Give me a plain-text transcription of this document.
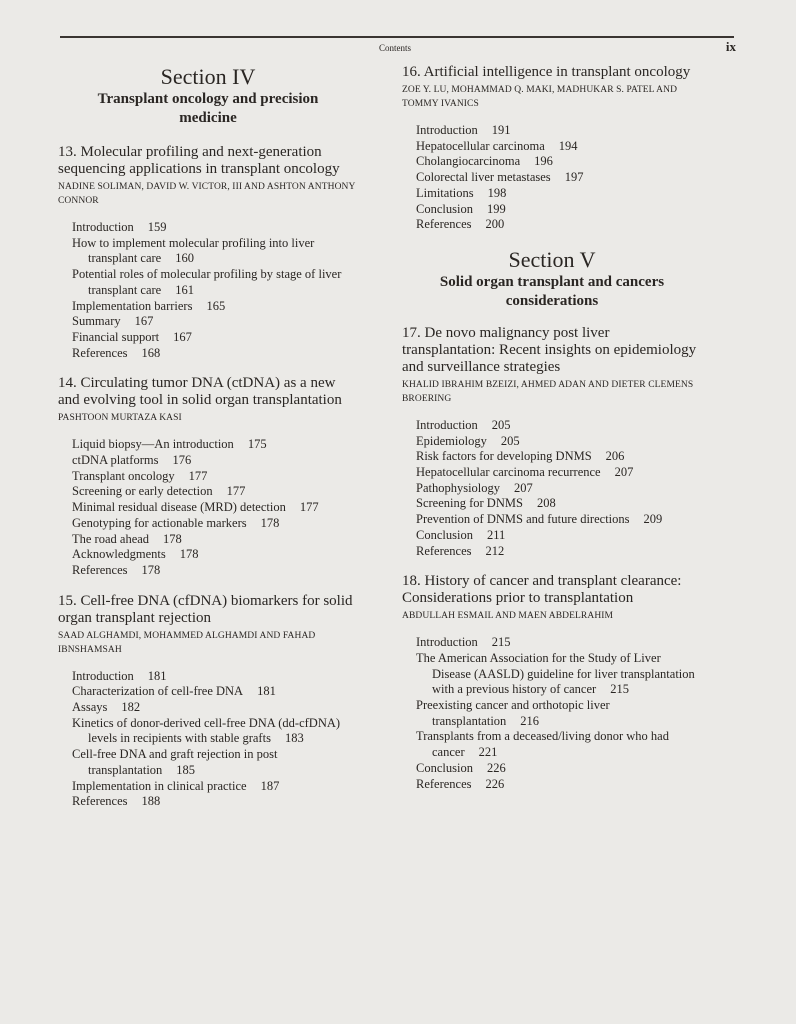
Contents	ix
Section IV
Transplant oncology and precision medicine
13. Molecular profiling and next-generation sequencing applications in transplant oncology
NADINE SOLIMAN, DAVID W. VICTOR, III AND ASHTON ANTHONY CONNOR
Introduction 159
How to implement molecular profiling into liver transplant care 160
Potential roles of molecular profiling by stage of liver transplant care 161
Implementation barriers 165
Summary 167
Financial support 167
References 168
14. Circulating tumor DNA (ctDNA) as a new and evolving tool in solid organ transplantation
PASHTOON MURTAZA KASI
Liquid biopsy—An introduction 175
ctDNA platforms 176
Transplant oncology 177
Screening or early detection 177
Minimal residual disease (MRD) detection 177
Genotyping for actionable markers 178
The road ahead 178
Acknowledgments 178
References 178
15. Cell-free DNA (cfDNA) biomarkers for solid organ transplant rejection
SAAD ALGHAMDI, MOHAMMED ALGHAMDI AND FAHAD IBNSHAMSAH
Introduction 181
Characterization of cell-free DNA 181
Assays 182
Kinetics of donor-derived cell-free DNA (dd-cfDNA) levels in recipients with stable grafts 183
Cell-free DNA and graft rejection in post transplantation 185
Implementation in clinical practice 187
References 188
16. Artificial intelligence in transplant oncology
ZOE Y. LU, MOHAMMAD Q. MAKI, MADHUKAR S. PATEL AND TOMMY IVANICS
Introduction 191
Hepatocellular carcinoma 194
Cholangiocarcinoma 196
Colorectal liver metastases 197
Limitations 198
Conclusion 199
References 200
Section V
Solid organ transplant and cancers considerations
17. De novo malignancy post liver transplantation: Recent insights on epidemiology and surveillance strategies
KHALID IBRAHIM BZEIZI, AHMED ADAN AND DIETER CLEMENS BROERING
Introduction 205
Epidemiology 205
Risk factors for developing DNMS 206
Hepatocellular carcinoma recurrence 207
Pathophysiology 207
Screening for DNMS 208
Prevention of DNMS and future directions 209
Conclusion 211
References 212
18. History of cancer and transplant clearance: Considerations prior to transplantation
ABDULLAH ESMAIL AND MAEN ABDELRAHIM
Introduction 215
The American Association for the Study of Liver Disease (AASLD) guideline for liver transplantation with a previous history of cancer 215
Preexisting cancer and orthotopic liver transplantation 216
Transplants from a deceased/living donor who had cancer 221
Conclusion 226
References 226
